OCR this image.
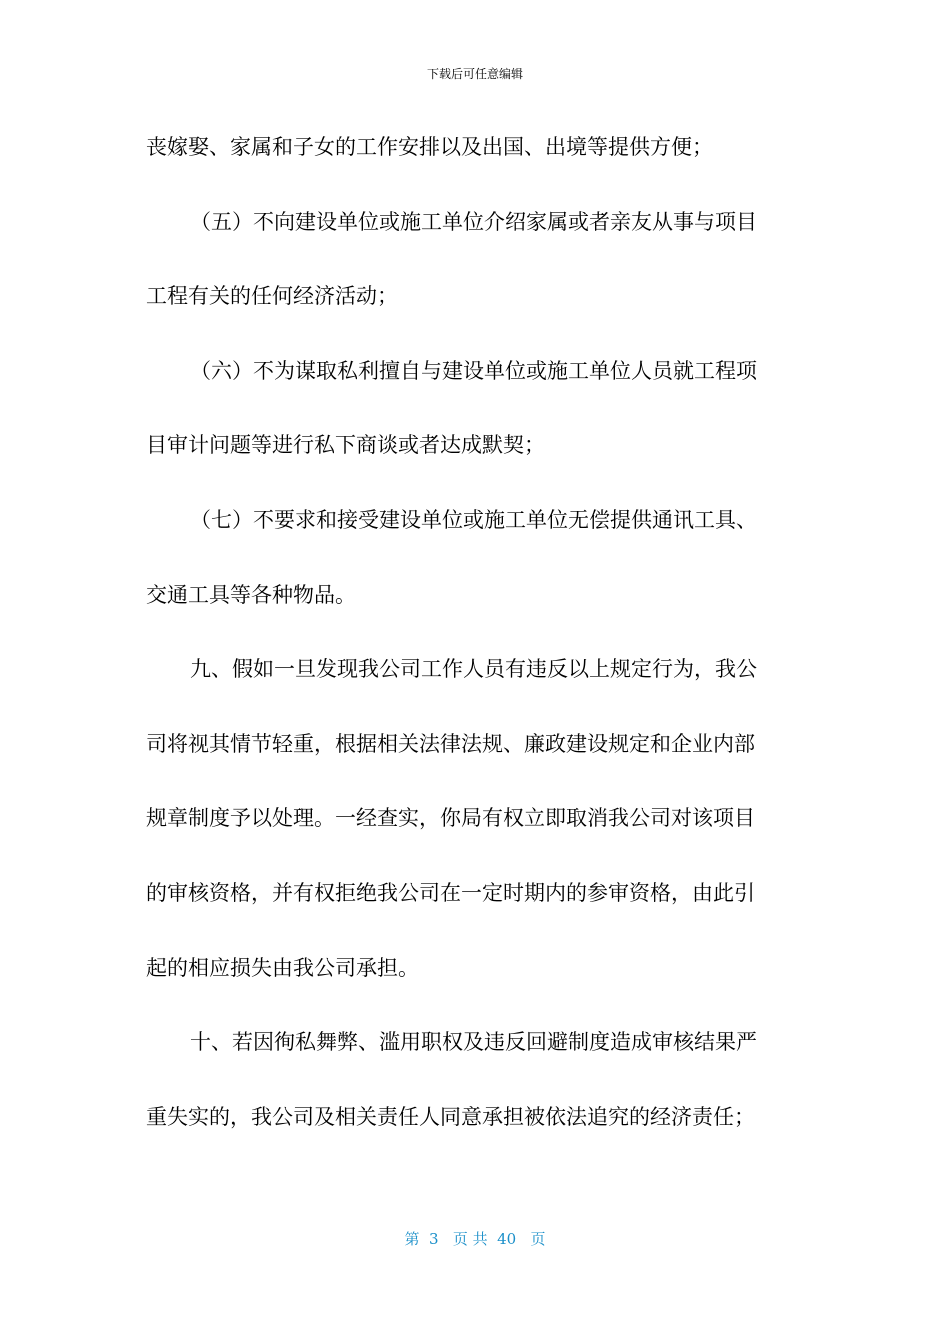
下载后可任意编辑
丧嫁娶、家属和子女的工作安排以及出国、出境等提供方便；
（五）不向建设单位或施工单位介绍家属或者亲友从事与项目
工程有关的任何经济活动；
（六）不为谋取私利擅自与建设单位或施工单位人员就工程项
目审计问题等进行私下商谈或者达成默契；
（七）不要求和接受建设单位或施工单位无偿提供通讯工具、
交通工具等各种物品。
九、假如一旦发现我公司工作人员有违反以上规定行为，我公
司将视其情节轻重，根据相关法律法规、廉政建设规定和企业内部
规章制度予以处理。一经查实，你局有权立即取消我公司对该项目
的审核资格，并有权拒绝我公司在一定时期内的参审资格，由此引
起的相应损失由我公司承担。
十、若因徇私舞弊、滥用职权及违反回避制度造成审核结果严
重失实的，我公司及相关责任人同意承担被依法追究的经济责任；
第  3   页 共  40   页
